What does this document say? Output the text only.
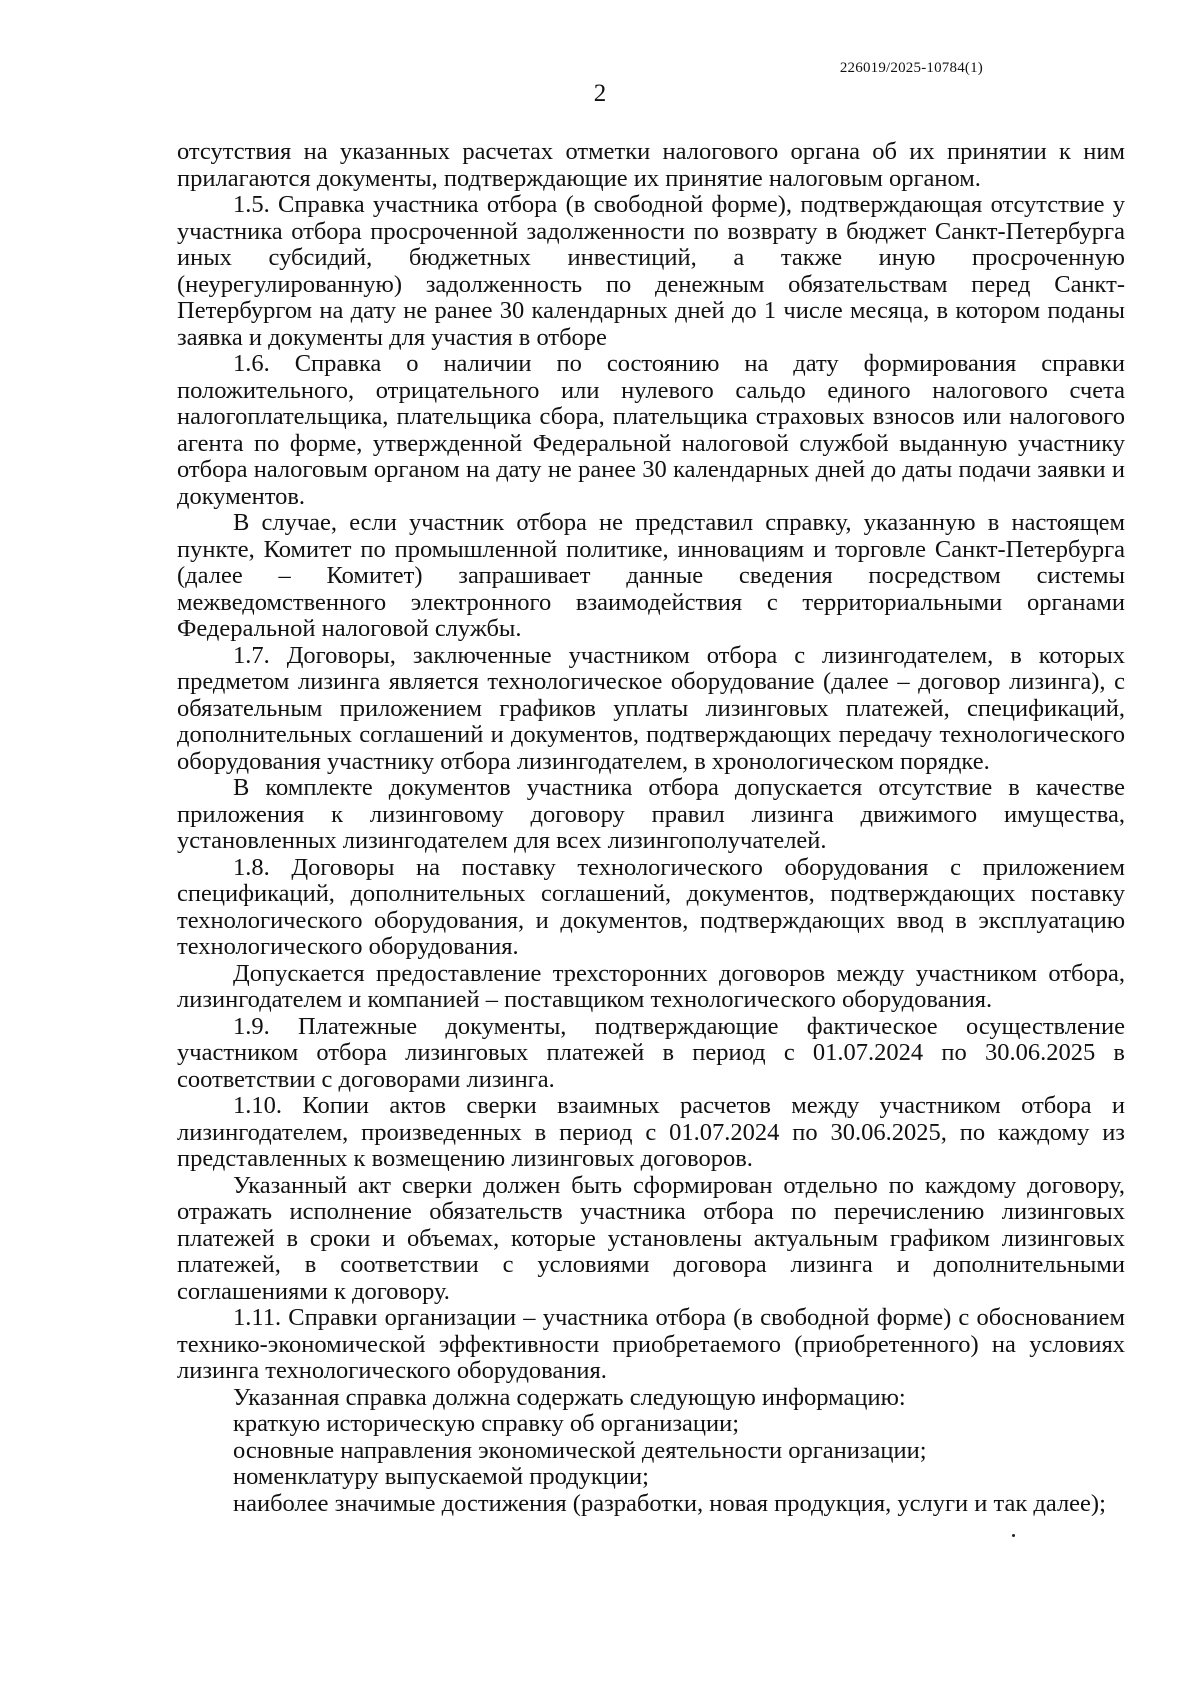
226019/2025-10784(1)
2

отсутствия на указанных расчетах отметки налогового органа об их принятии к ним прилагаются документы, подтверждающие их принятие налоговым органом.

1.5. Справка участника отбора (в свободной форме), подтверждающая отсутствие у участника отбора просроченной задолженности по возврату в бюджет Санкт-Петербурга иных субсидий, бюджетных инвестиций, а также иную просроченную (неурегулированную) задолженность по денежным обязательствам перед Санкт-Петербургом на дату не ранее 30 календарных дней до 1 числе месяца, в котором поданы заявка и документы для участия в отборе

1.6. Справка о наличии по состоянию на дату формирования справки положительного, отрицательного или нулевого сальдо единого налогового счета налогоплательщика, плательщика сбора, плательщика страховых взносов или налогового агента по форме, утвержденной Федеральной налоговой службой выданную участнику отбора налоговым органом на дату не ранее 30 календарных дней до даты подачи заявки и документов.

В случае, если участник отбора не представил справку, указанную в настоящем пункте, Комитет по промышленной политике, инновациям и торговле Санкт-Петербурга (далее – Комитет) запрашивает данные сведения посредством системы межведомственного электронного взаимодействия с территориальными органами Федеральной налоговой службы.

1.7. Договоры, заключенные участником отбора с лизингодателем, в которых предметом лизинга является технологическое оборудование (далее – договор лизинга), с обязательным приложением графиков уплаты лизинговых платежей, спецификаций, дополнительных соглашений и документов, подтверждающих передачу технологического оборудования участнику отбора лизингодателем, в хронологическом порядке.

В комплекте документов участника отбора допускается отсутствие в качестве приложения к лизинговому договору правил лизинга движимого имущества, установленных лизингодателем для всех лизингополучателей.

1.8. Договоры на поставку технологического оборудования с приложением спецификаций, дополнительных соглашений, документов, подтверждающих поставку технологического оборудования, и документов, подтверждающих ввод в эксплуатацию технологического оборудования.

Допускается предоставление трехсторонних договоров между участником отбора, лизингодателем и компанией – поставщиком технологического оборудования.

1.9. Платежные документы, подтверждающие фактическое осуществление участником отбора лизинговых платежей в период с 01.07.2024 по 30.06.2025 в соответствии с договорами лизинга.

1.10. Копии актов сверки взаимных расчетов между участником отбора и лизингодателем, произведенных в период с 01.07.2024 по 30.06.2025, по каждому из представленных к возмещению лизинговых договоров.

Указанный акт сверки должен быть сформирован отдельно по каждому договору, отражать исполнение обязательств участника отбора по перечислению лизинговых платежей в сроки и объемах, которые установлены актуальным графиком лизинговых платежей, в соответствии с условиями договора лизинга и дополнительными соглашениями к договору.

1.11. Справки организации – участника отбора (в свободной форме) с обоснованием технико-экономической эффективности приобретаемого (приобретенного) на условиях лизинга технологического оборудования.

Указанная справка должна содержать следующую информацию:

краткую историческую справку об организации;

основные направления экономической деятельности организации;

номенклатуру выпускаемой продукции;

наиболее значимые достижения (разработки, новая продукция, услуги и так далее);
